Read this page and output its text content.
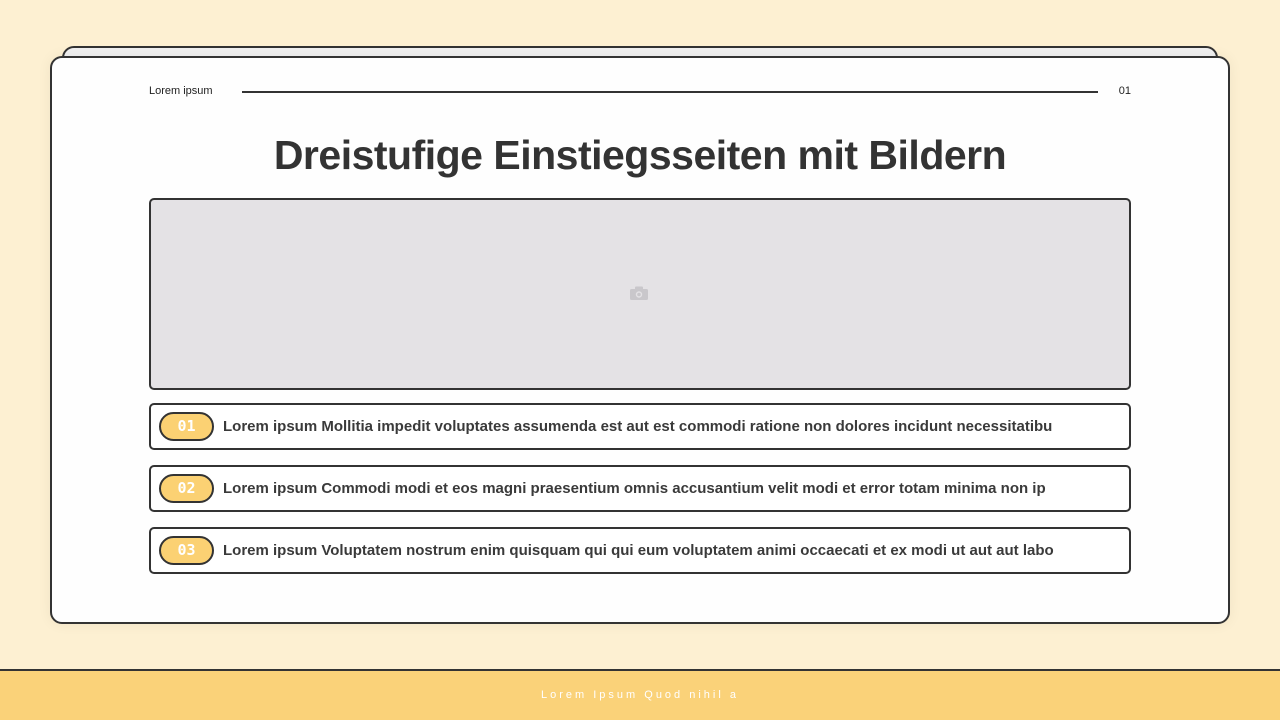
Lorem ipsum	01
Dreistufige Einstiegsseiten mit Bildern
01	Lorem ipsum Mollitia impedit voluptates assumenda est aut est commodi ratione non dolores incidunt necessitatibu
02	Lorem ipsum Commodi modi et eos magni praesentium omnis accusantium velit modi et error totam minima non ip
03	Lorem ipsum Voluptatem nostrum enim quisquam qui qui eum voluptatem animi occaecati et ex modi ut aut aut labo
Lorem Ipsum Quod nihil a
